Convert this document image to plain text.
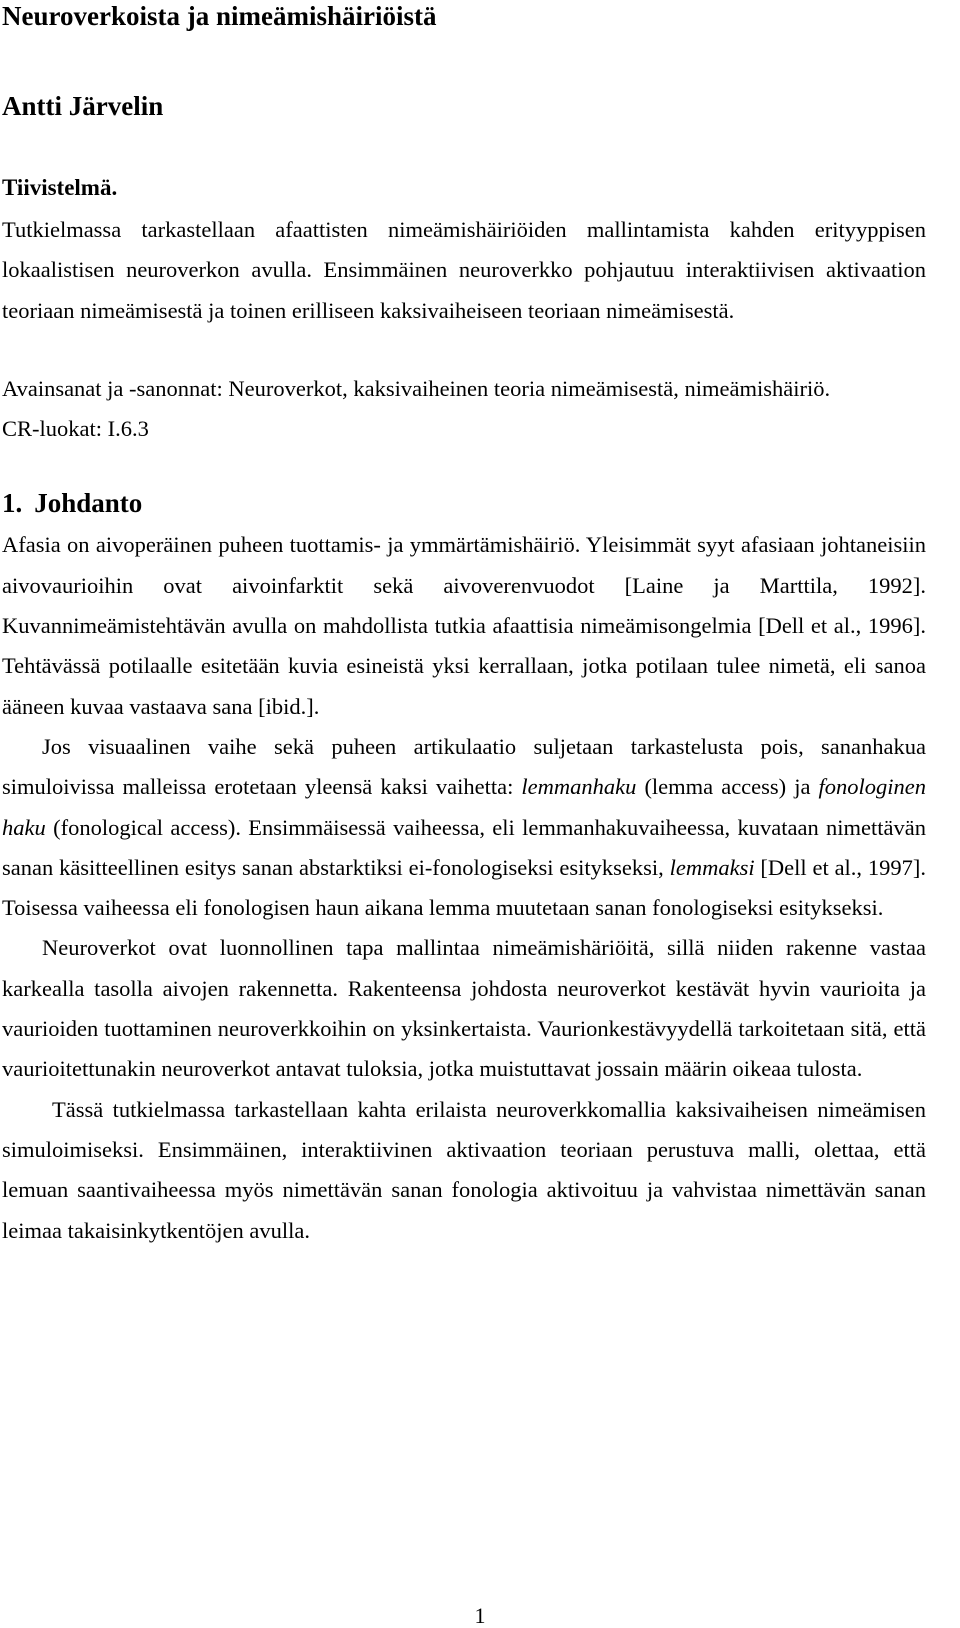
Neuroverkoista ja nimeämishäiriöistä
Antti Järvelin
Tiivistelmä.

Tutkielmassa tarkastellaan afaattisten nimeämishäiriöiden mallintamista kahden erityyppisen lokaalistisen neuroverkon avulla. Ensimmäinen neuroverkko pohjautuu interaktiivisen aktivaation teoriaan nimeämisestä ja toinen erilliseen kaksivaiheiseen teoriaan nimeämisestä.

Avainsanat ja -sanonnat: Neuroverkot, kaksivaiheinen teoria nimeämisestä, nimeämishäiriö.

CR-luokat: I.6.3

1. Johdanto

Afasia on aivoperäinen puheen tuottamis- ja ymmärtämishäiriö. Yleisimmät syyt afasiaan johtaneisiin aivovaurioihin ovat aivoinfarktit sekä aivoverenvuodot [Laine ja Marttila, 1992]. Kuvannimeämistehtävän avulla on mahdollista tutkia afaattisia nimeämisongelmia [Dell et al., 1996]. Tehtävässä potilaalle esitetään kuvia esineistä yksi kerrallaan, jotka potilaan tulee nimetä, eli sanoa ääneen kuvaa vastaava sana [ibid.].

Jos visuaalinen vaihe sekä puheen artikulaatio suljetaan tarkastelusta pois, sananhakua simuloivissa malleissa erotetaan yleensä kaksi vaihetta: lemmanhaku (lemma access) ja fonologinen haku (fonological access). Ensimmäisessä vaiheessa, eli lemmanhakuvaiheessa, kuvataan nimettävän sanan käsitteellinen esitys sanan abstarktiksi ei-fonologiseksi esitykseksi, lemmaksi [Dell et al., 1997]. Toisessa vaiheessa eli fonologisen haun aikana lemma muutetaan sanan fonologiseksi esitykseksi.

Neuroverkot ovat luonnollinen tapa mallintaa nimeämishäriöitä, sillä niiden rakenne vastaa karkealla tasolla aivojen rakennetta. Rakenteensa johdosta neuroverkot kestävät hyvin vaurioita ja vaurioiden tuottaminen neuroverkkoihin on yksinkertaista. Vaurionkestävyydellä tarkoitetaan sitä, että vaurioitettunakin neuroverkot antavat tuloksia, jotka muistuttavat jossain määrin oikeaa tulosta.

Tässä tutkielmassa tarkastellaan kahta erilaista neuroverkkomallia kaksivaiheisen nimeämisen simuloimiseksi. Ensimmäinen, interaktiivinen aktivaation teoriaan perustuva malli, olettaa, että lemuan saantivaiheessa myös nimettävän sanan fonologia aktivoituu ja vahvistaa nimettävän sanan leimaa takaisinkytkentöjen avulla.

1
